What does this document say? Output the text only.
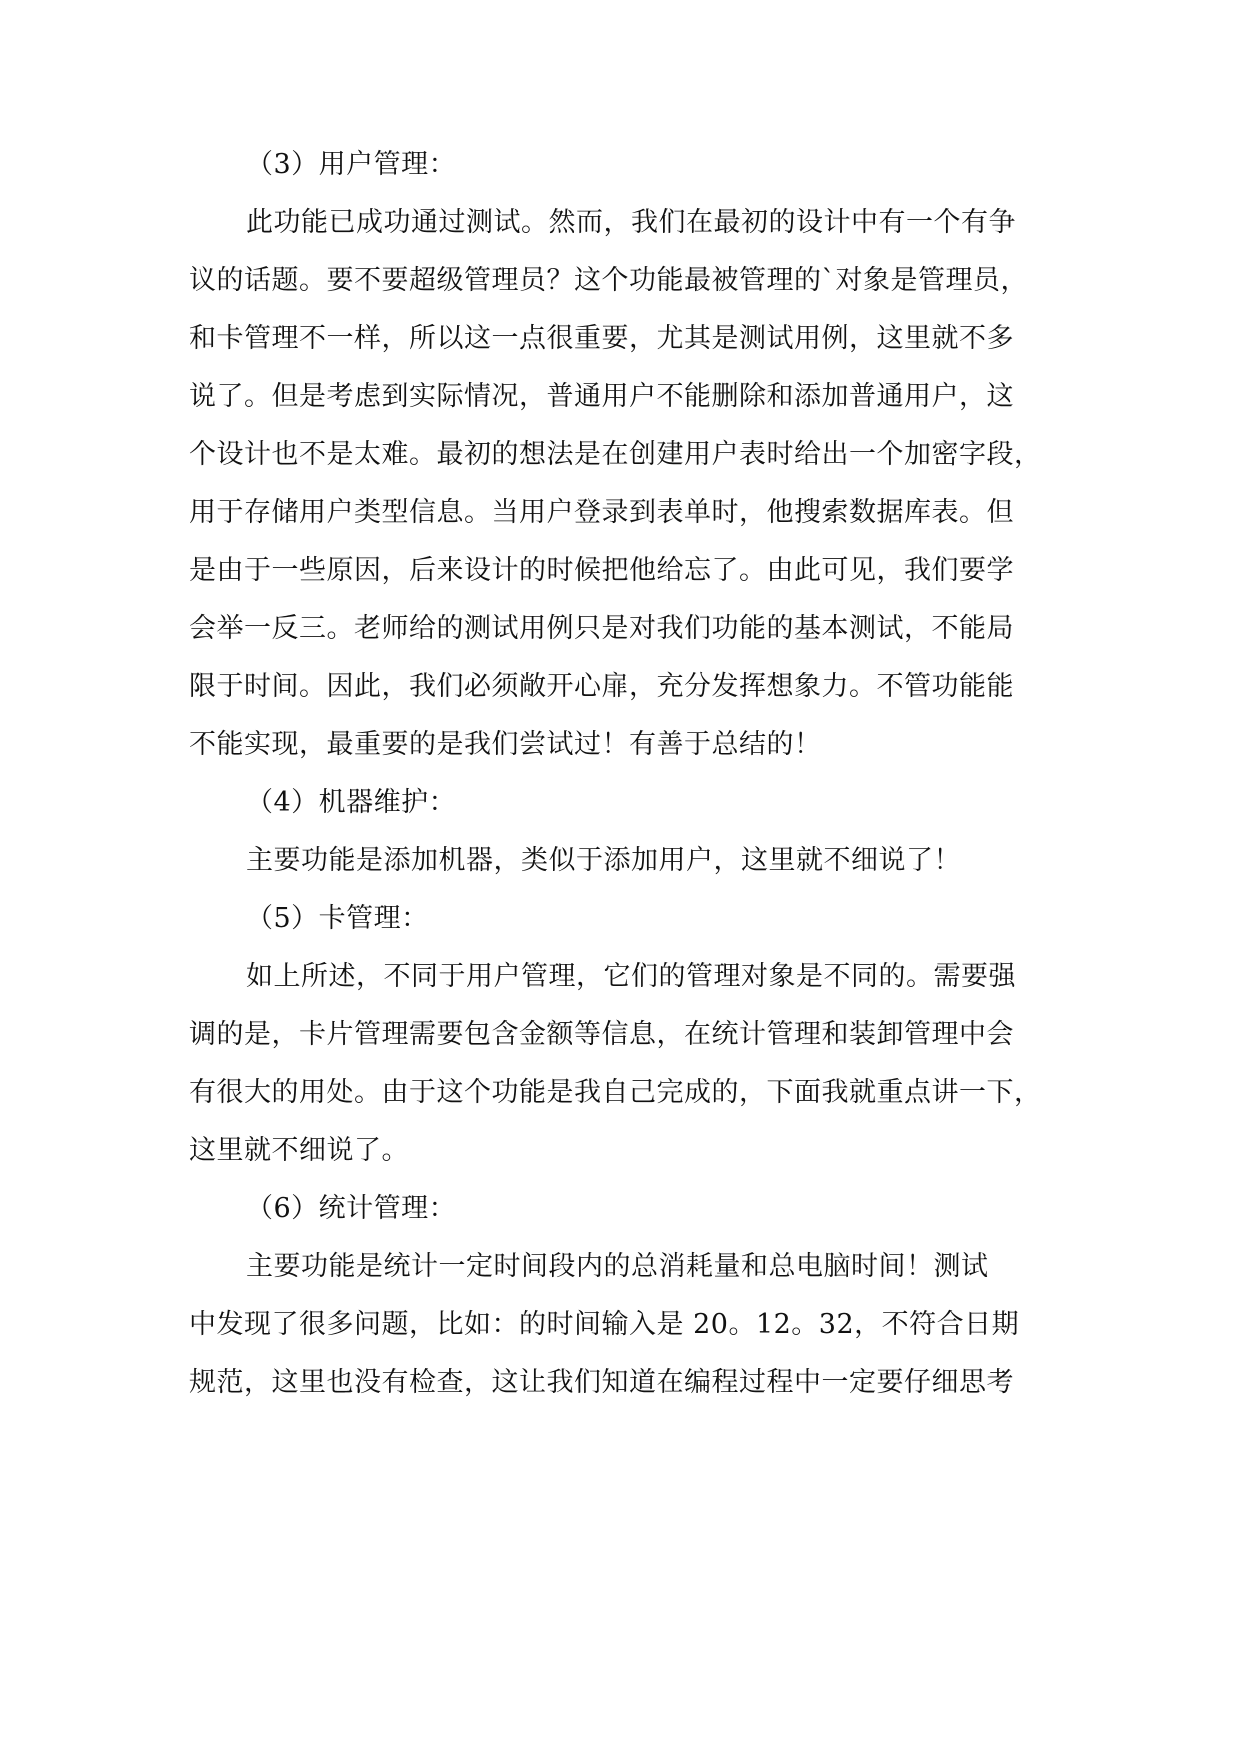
（3）用户管理：
此功能已成功通过测试。然而，我们在最初的设计中有一个有争
议的话题。要不要超级管理员？这个功能最被管理的`对象是管理员，
和卡管理不一样，所以这一点很重要，尤其是测试用例，这里就不多
说了。但是考虑到实际情况，普通用户不能删除和添加普通用户，这
个设计也不是太难。最初的想法是在创建用户表时给出一个加密字段，
用于存储用户类型信息。当用户登录到表单时，他搜索数据库表。但
是由于一些原因，后来设计的时候把他给忘了。由此可见，我们要学
会举一反三。老师给的测试用例只是对我们功能的基本测试，不能局
限于时间。因此，我们必须敞开心扉，充分发挥想象力。不管功能能
不能实现，最重要的是我们尝试过！有善于总结的！
（4）机器维护：
主要功能是添加机器，类似于添加用户，这里就不细说了！
（5）卡管理：
如上所述，不同于用户管理，它们的管理对象是不同的。需要强
调的是，卡片管理需要包含金额等信息，在统计管理和装卸管理中会
有很大的用处。由于这个功能是我自己完成的，下面我就重点讲一下，
这里就不细说了。
（6）统计管理：
主要功能是统计一定时间段内的总消耗量和总电脑时间！测试
中发现了很多问题，比如：的时间输入是 20。12。32，不符合日期
规范，这里也没有检查，这让我们知道在编程过程中一定要仔细思考
